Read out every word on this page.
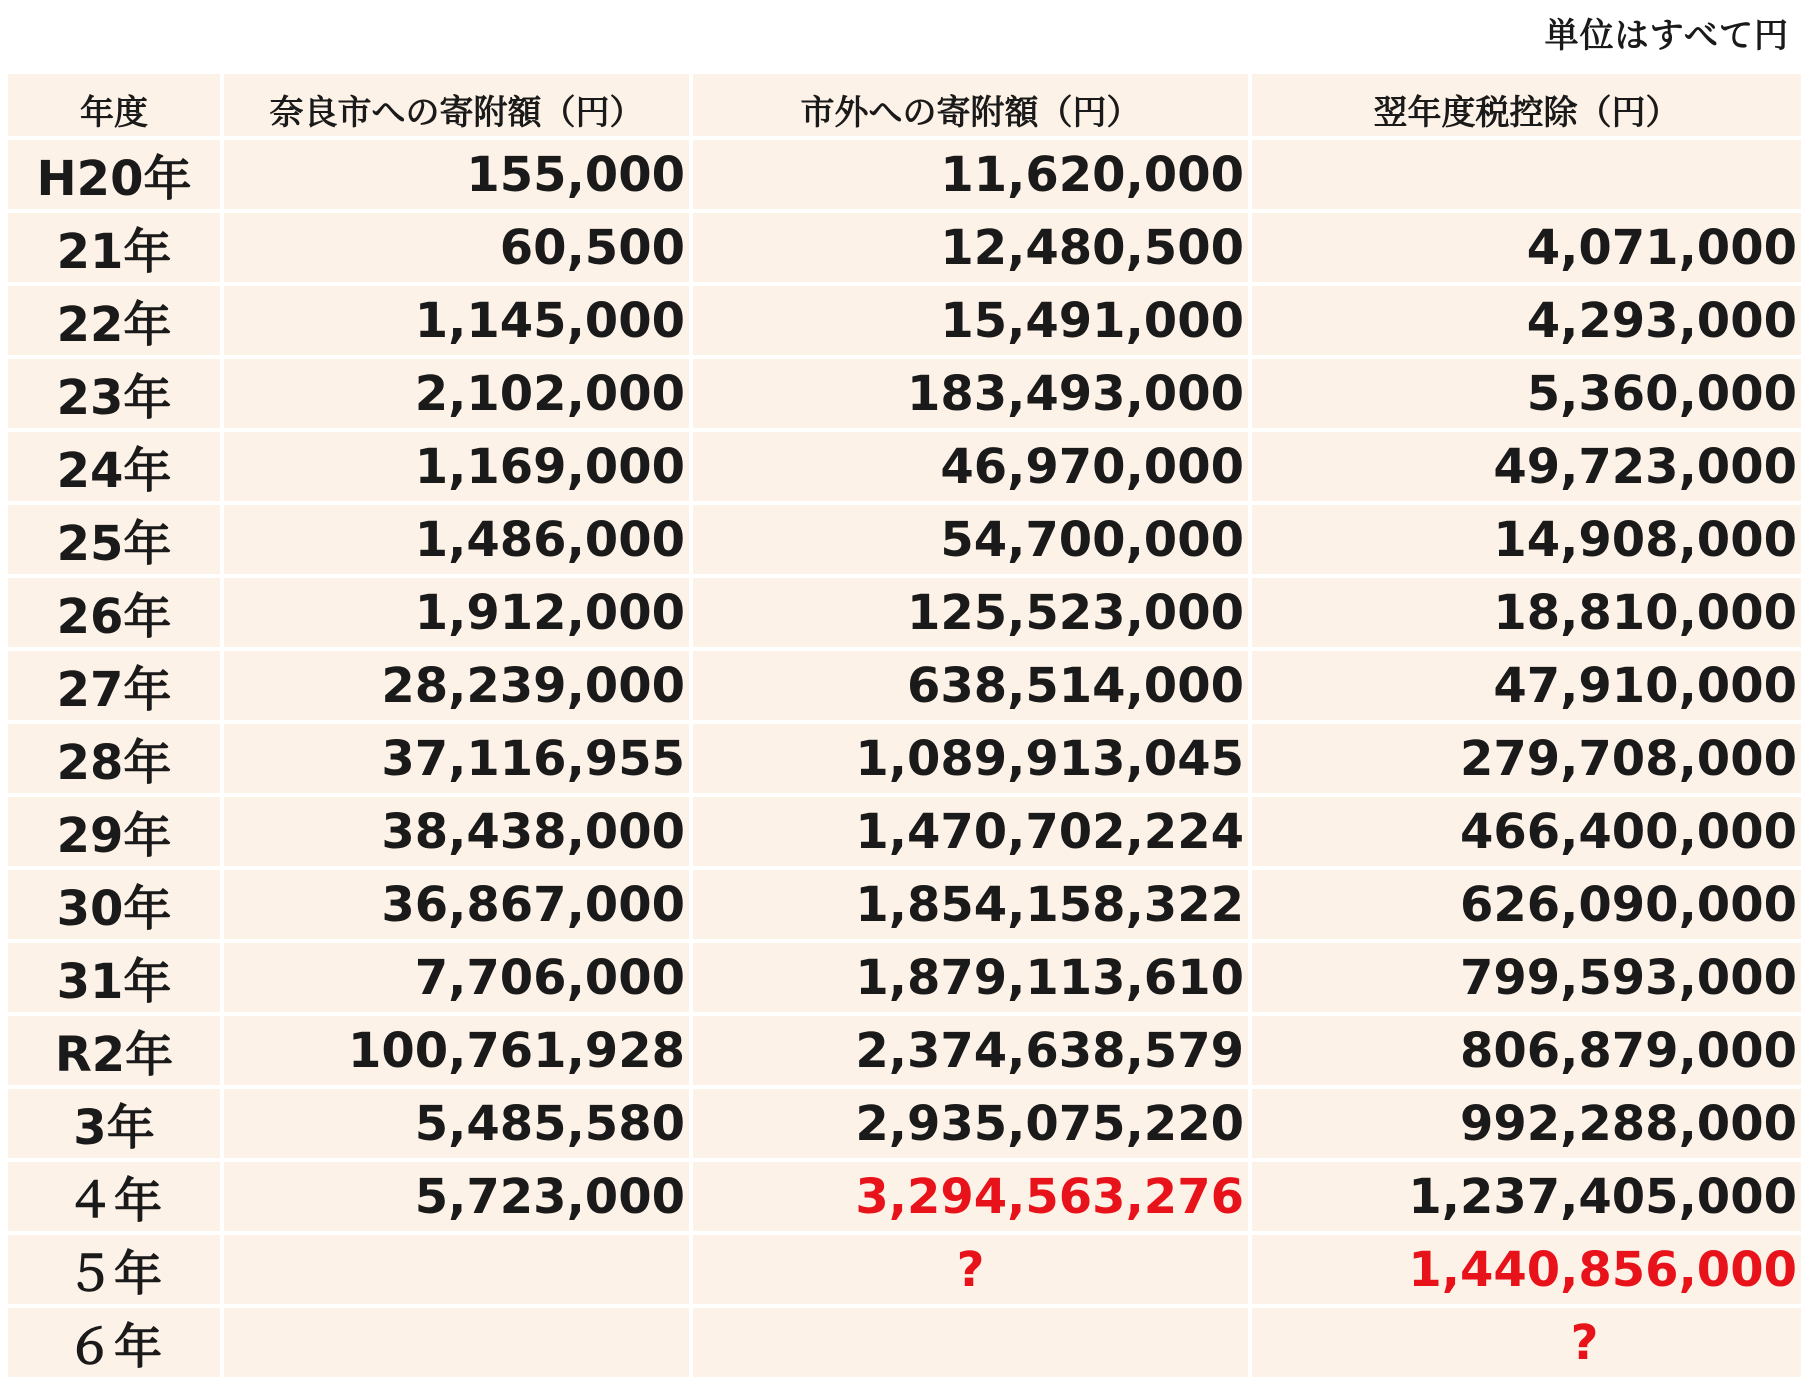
単位はすべて円
年度	奈良市への寄附額（円）	市外への寄附額（円）	翌年度税控除（円）
H20年	155,000	11,620,000	
21年	60,500	12,480,500	4,071,000
22年	1,145,000	15,491,000	4,293,000
23年	2,102,000	183,493,000	5,360,000
24年	1,169,000	46,970,000	49,723,000
25年	1,486,000	54,700,000	14,908,000
26年	1,912,000	125,523,000	18,810,000
27年	28,239,000	638,514,000	47,910,000
28年	37,116,955	1,089,913,045	279,708,000
29年	38,438,000	1,470,702,224	466,400,000
30年	36,867,000	1,854,158,322	626,090,000
31年	7,706,000	1,879,113,610	799,593,000
R2年	100,761,928	2,374,638,579	806,879,000
3年	5,485,580	2,935,075,220	992,288,000
４年	5,723,000	3,294,563,276	1,237,405,000
５年		?	1,440,856,000
６年			?
